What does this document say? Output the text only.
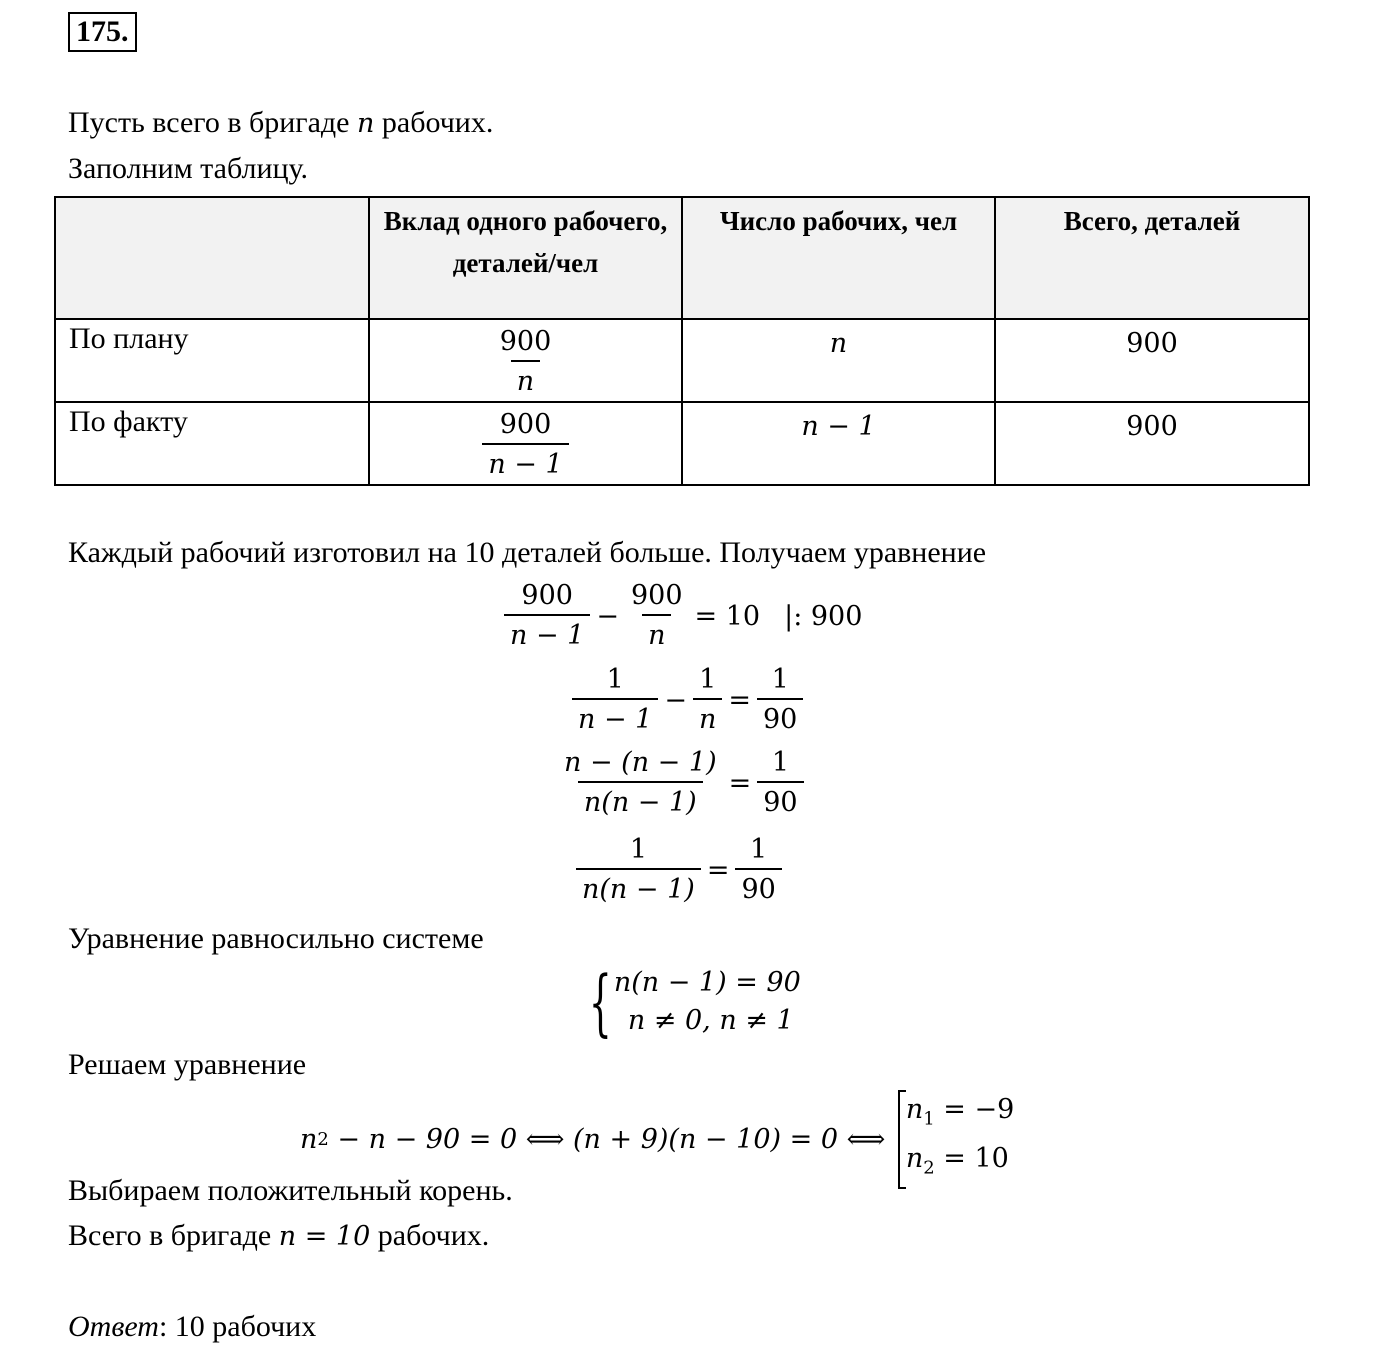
175.
Пусть всего в бригаде n рабочих.
Заполним таблицу.
	Вклад одного рабочего, деталей/чел	Число рабочих, чел	Всего, деталей
По плану	$\frac{900}{n}$	n	900
По факту	$\frac{900}{n - 1}$	n − 1	900
Каждый рабочий изготовил на 10 деталей больше. Получаем уравнение
$\frac{900}{n - 1} - \frac{900}{n} = 10$ |: 900
$\frac{1}{n - 1} - \frac{1}{n} = \frac{1}{90}$
$\frac{n - (n - 1)}{n(n - 1)} = \frac{1}{90}$
$\frac{1}{n(n - 1)} = \frac{1}{90}$
Уравнение равносильно системе
{ n(n − 1) = 90
n ≠ 0, n ≠ 1
Решаем уравнение
n 2 − n − 90 = 0 ⟺ (n + 9)(n − 10) = 0 ⟺
$n_1 = -9$
$n_2 = 10$
Выбираем положительный корень.
Всего в бригаде n = 10 рабочих.
Ответ: 10 рабочих
